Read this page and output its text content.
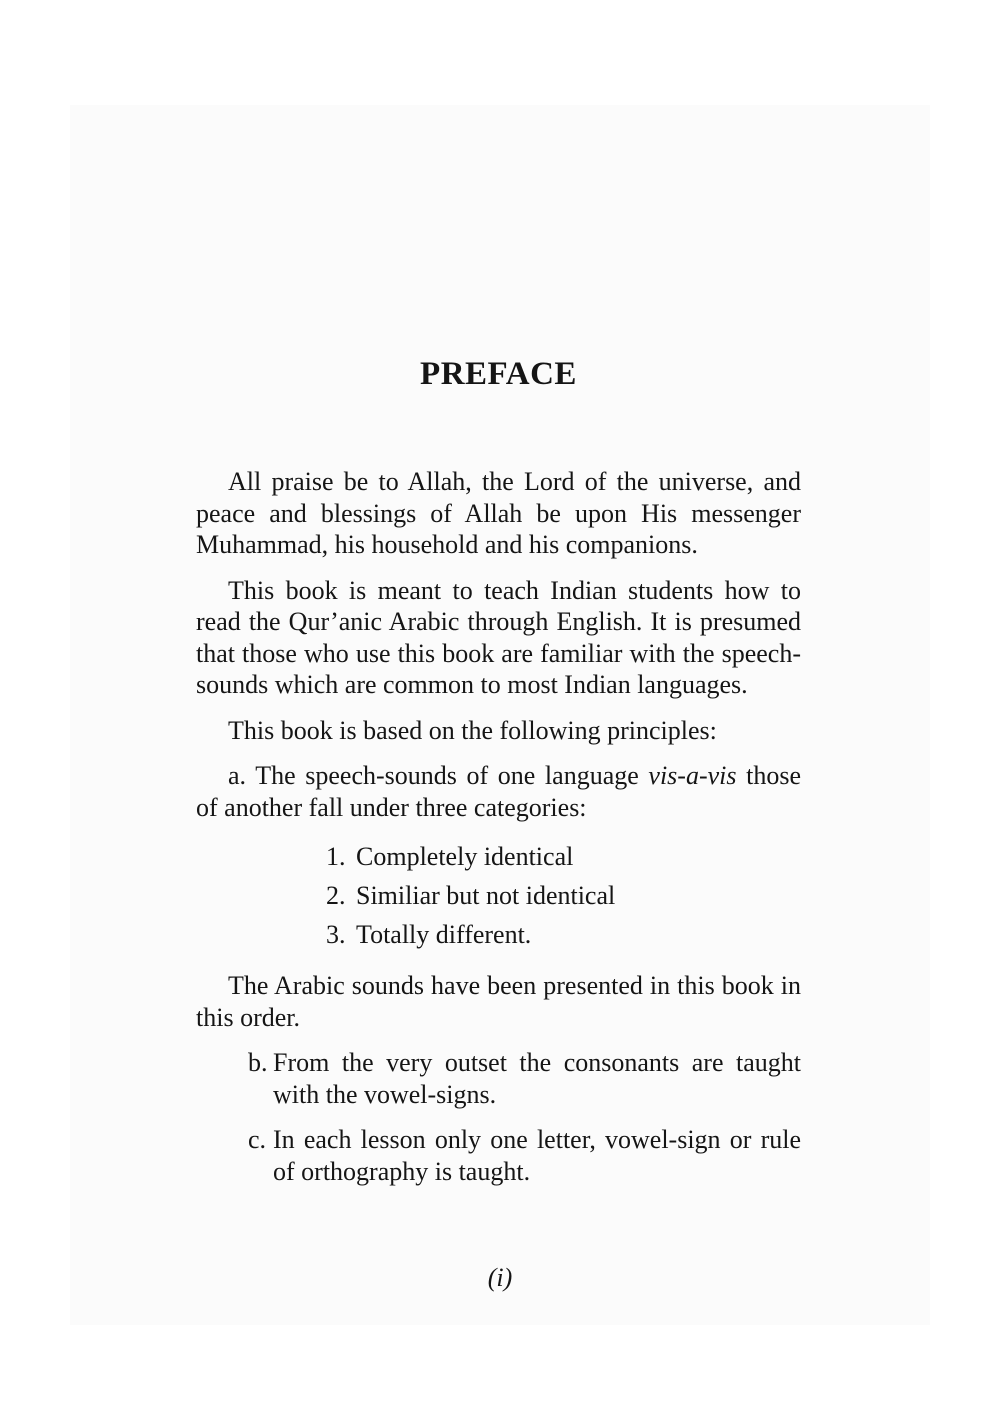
PREFACE

All praise be to Allah, the Lord of the universe, and peace and blessings of Allah be upon His messenger Muhammad, his household and his companions.

This book is meant to teach Indian students how to read the Qur’anic Arabic through English. It is presumed that those who use this book are familiar with the speech-sounds which are common to most Indian languages.

This book is based on the following principles:

a. The speech-sounds of one language vis-a-vis those of another fall under three categories:

1. Completely identical
2. Similiar but not identical
3. Totally different.

The Arabic sounds have been presented in this book in this order.

b. From the very outset the consonants are taught with the vowel-signs.
c. In each lesson only one letter, vowel-sign or rule of orthography is taught.
(i)
